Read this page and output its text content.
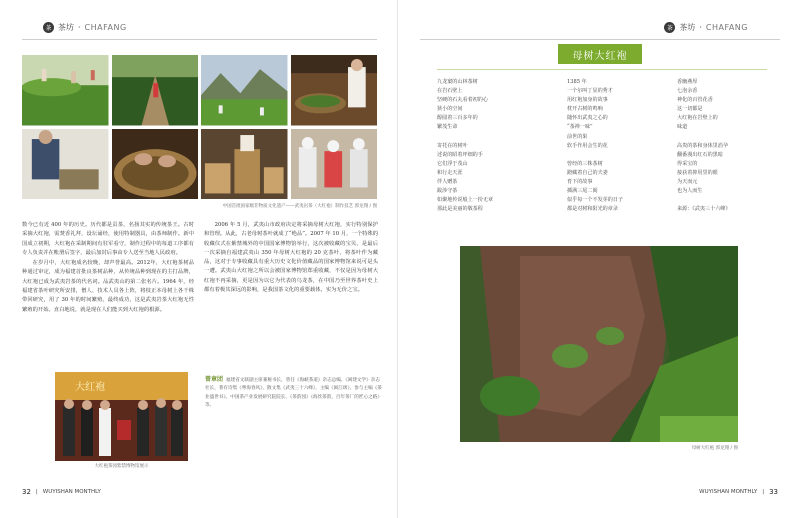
茶 茶坊 · CHAFANG
中国首批国家级非物质文化遗产——武夷岩茶（大红袍）制作技艺 郭龙翔 / 图

数今已有近 400 年的历史。历代都是贡茶，名扬其实的传统茶王。古时采摘大红袍，需焚香礼拜，设坛诵经，使用特制器具，由茶师制作。新中国成立初期，大红袍在采制期间有驻军看守，制作过程中的每道工序都有专人负责并在帐册后签字，最后加封后事由专人送至当地人民政府。

在岁月中，大红袍成名较晚，却声誉最高。2012年，大红袍茶树品种通过审定，成为福建首批良茶树品种，从传统品种到现在的主打品牌，大红袍已成为武夷岩茶的代名词。品武夷山的第二张名片。1964 年，经福建省茶叶研究所安排，僧人、技术人员各上阵，将枝正本母树上各干株带回研究，用了 30 年的时间繁殖，最终成功，这是武夷岩茶大红袍无性繁殖的开始。直白地说，就是现在人们能买到大红袍的根源。

2006 年 5 月，武夷山市政府决定将采摘母树大红袍，实行特别保护和管理。从此，古老母树茶叶就成了“绝品”。2007 年 10 月，一个特殊的收藏仪式在紫禁城外的中国国家博物馆举行，这次被收藏的宝贝，是最后一次采摘自福建武夷山 350 年母树大红袍的 20 克茶叶，将茶叶作为藏品，这对于专事收藏具有重大历史文化价值藏品的国家博物馆来说可是头一遭。武夷山大红袍之所以会被国家博物馆郑重收藏，不仅是因为母树大红袍不再采摘，更是因为以它为代表的乌龙茶，在中国乃至世界茶叶史上都有着极其深远的影响，是我国茶文化的重要载体，实为无价之宝。

大红袍
大红袍茶园紫禁博物馆展示
曾章团 福建省文联副主席兼秘书长，曾任《海峡茶道》杂志总编、《闽建文学》杂志社长，著有诗集《粤海春风》、散文集《武夷三十六峰》，主编《闽江颂》，参与主编《茶业盛世书》。中国茶产业发展研究院院长、《茶韵园》《海丝茶韵，百年茶厂的匠心之路》等。
32 | WUYISHAN MONTHLY
茶 茶坊 · CHAFANG
母树大红袍
九龙窠的山林茶树
在岩石壁上
坚硬的石丸看着初的心
狭小的空间
醇圆着三百多年的
繁茂生命
寄托在的树叶
述说的昭着坪细的手
它们浮于茂山
和行走天涯
伴人赠茶
跋涉守茶
如聚地传说般上一扮无章
那此是美丽的敬茶程
1385 年
一个尔叫丁显的秀才
用红袍加身的故事
枕开古树的鸣响
随怀出武夷之心的
“茶禅一味”
前世的果
软手作用会生的花
曾经的三株茶树
蹬藏着自己的夫妻
育下的故事
插满三尾二阁
似乎每一个不发芽的日子
都是对树和阳光的章录
香幽燕厚
七泡余香
神化的百管花香
这一切都是
大红袍在岩壁上的
味道
高贵的茶和身体里消孕
翻番漫出红石的黑暗
得采宝的
接获着抑用里的眼
为天而元
也为人而生
来源：《武夷三十六峰》
母树大红袍 郭龙翔 / 图
WUYISHAN MONTHLY | 33
